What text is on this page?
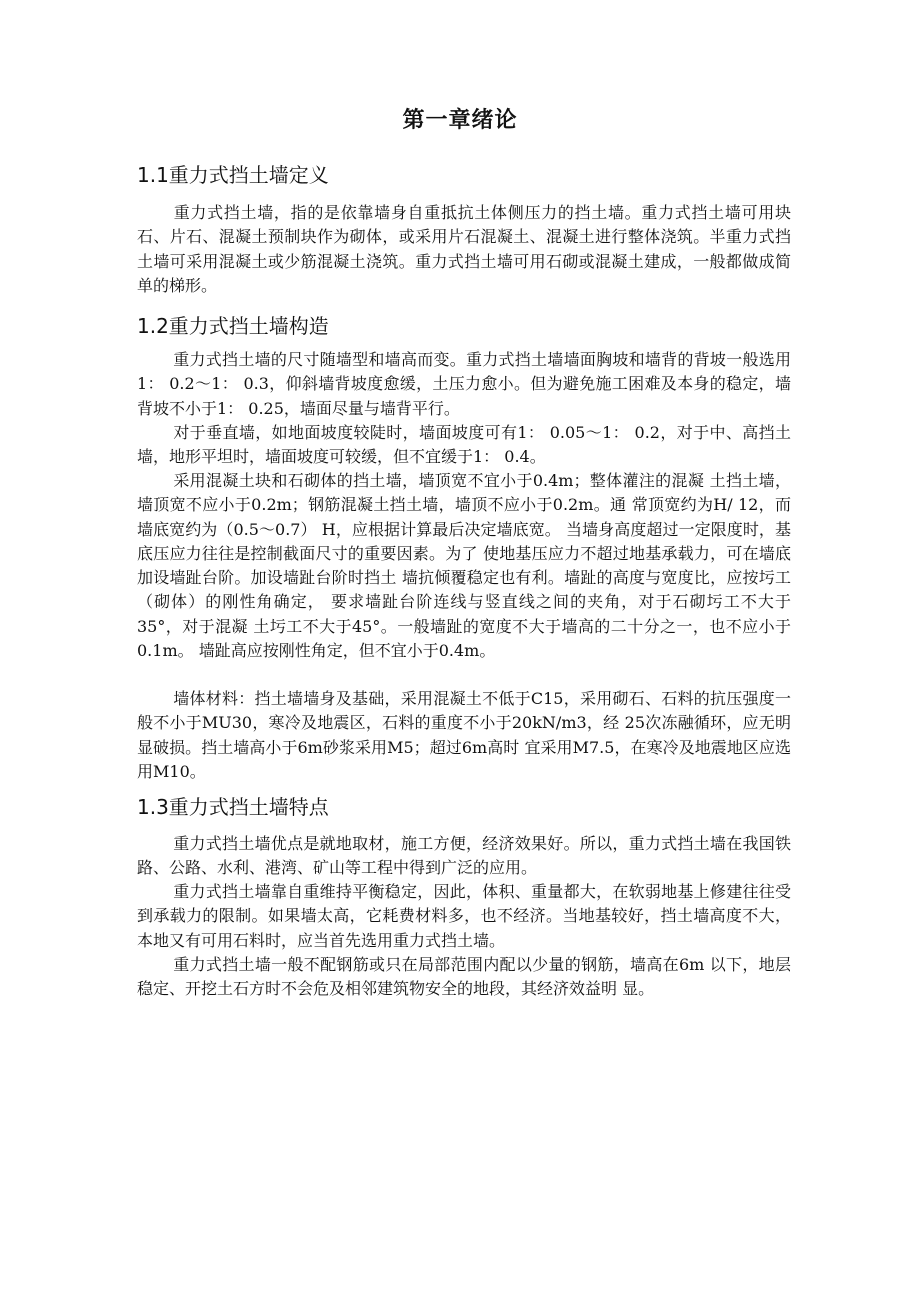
第一章绪论
1.1重力式挡土墙定义

重力式挡土墙，指的是依靠墙身自重抵抗土体侧压力的挡土墙。重力式挡土墙可用块石、片石、混凝土预制块作为砌体，或采用片石混凝土、混凝土进行整体浇筑。半重力式挡土墙可采用混凝土或少筋混凝土浇筑。重力式挡土墙可用石砌或混凝土建成，一般都做成简单的梯形。

1.2重力式挡土墙构造

重力式挡土墙的尺寸随墙型和墙高而变。重力式挡土墙墙面胸坡和墙背的背坡一般选用1： 0.2～1： 0.3，仰斜墙背坡度愈缓，土压力愈小。但为避免施工困难及本身的稳定，墙背坡不小于1： 0.25，墙面尽量与墙背平行。

对于垂直墙，如地面坡度较陡时，墙面坡度可有1： 0.05～1： 0.2，对于中、高挡土墙，地形平坦时，墙面坡度可较缓，但不宜缓于1： 0.4。

采用混凝土块和石砌体的挡土墙，墙顶宽不宜小于0.4m；整体灌注的混凝 土挡土墙，墙顶宽不应小于0.2m；钢筋混凝土挡土墙，墙顶不应小于0.2m。通 常顶宽约为H/ 12，而墙底宽约为（0.5～0.7） H，应根据计算最后决定墙底宽。 当墙身高度超过一定限度时，基底压应力往往是控制截面尺寸的重要因素。为了 使地基压应力不超过地基承载力，可在墙底加设墙趾台阶。加设墙趾台阶时挡土 墙抗倾覆稳定也有利。墙趾的高度与宽度比，应按圬工（砌体）的刚性角确定， 要求墙趾台阶连线与竖直线之间的夹角，对于石砌圬工不大于35°，对于混凝 土圬工不大于45°。一般墙趾的宽度不大于墙高的二十分之一，也不应小于0.1m。 墙趾高应按刚性角定，但不宜小于0.4m。

墙体材料：挡土墙墙身及基础，采用混凝土不低于C15，采用砌石、石料的抗压强度一般不小于MU30，寒冷及地震区，石料的重度不小于20kN/m3，经 25次冻融循环，应无明显破损。挡土墙高小于6m砂浆采用M5；超过6m高时 宜采用M7.5，在寒冷及地震地区应选用M10。

1.3重力式挡土墙特点

重力式挡土墙优点是就地取材，施工方便，经济效果好。所以，重力式挡土墙在我国铁路、公路、水利、港湾、矿山等工程中得到广泛的应用。

重力式挡土墙靠自重维持平衡稳定，因此，体积、重量都大，在软弱地基上修建往往受到承载力的限制。如果墙太高，它耗费材料多，也不经济。当地基较好，挡土墙高度不大，本地又有可用石料时，应当首先选用重力式挡土墙。

重力式挡土墙一般不配钢筋或只在局部范围内配以少量的钢筋，墙高在6m 以下，地层稳定、开挖土石方时不会危及相邻建筑物安全的地段，其经济效益明 显。
